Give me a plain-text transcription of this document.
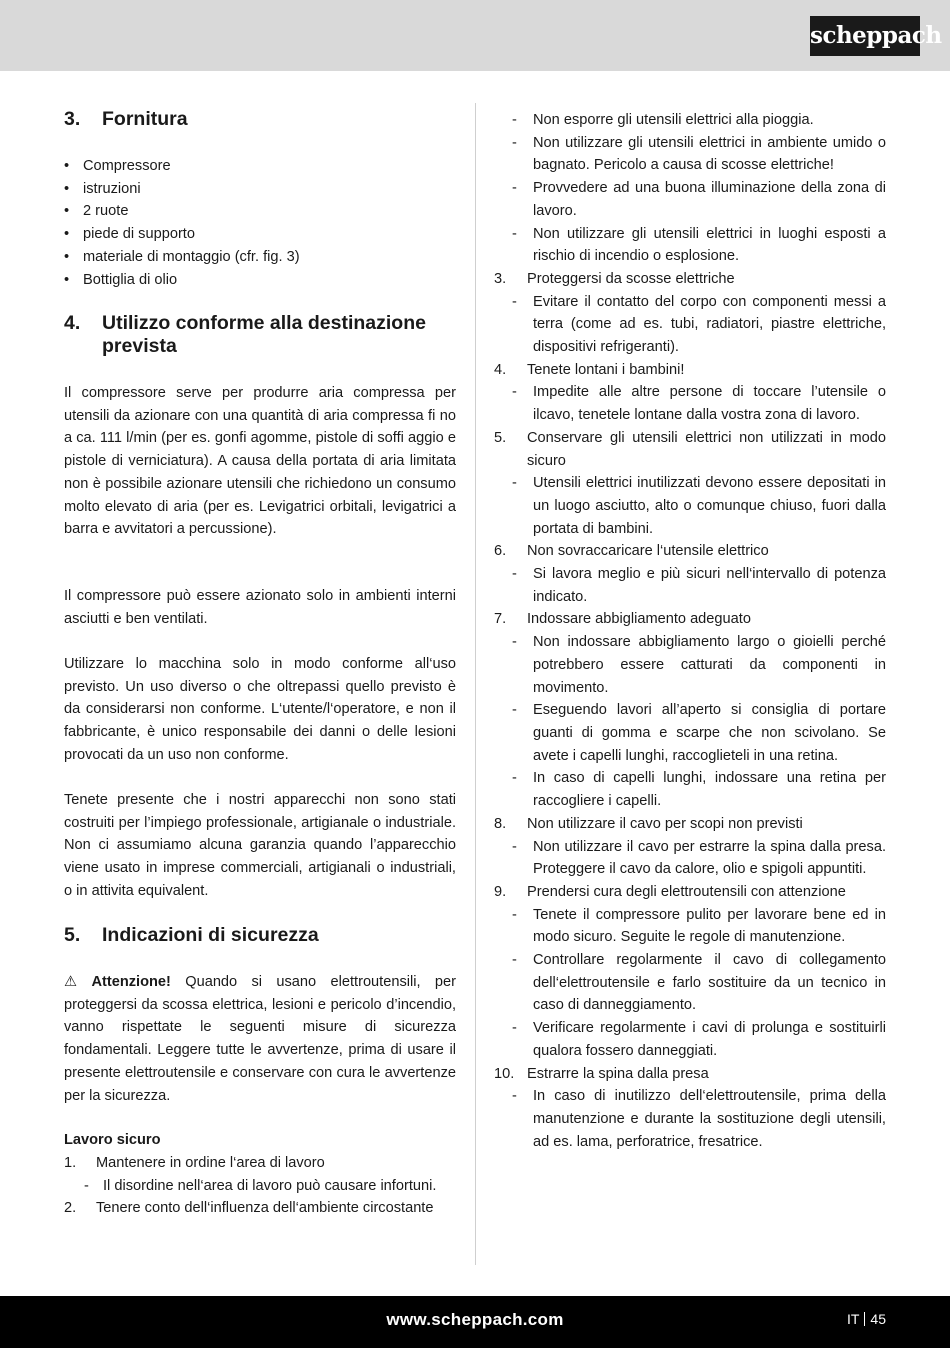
scheppach
3.	Fornitura
• Compressore
• istruzioni
• 2 ruote
• piede di supporto
• materiale di montaggio (cfr. fig. 3)
• Bottiglia di olio
4.	Utilizzo conforme alla destinazione
prevista

Il compressore serve per produrre aria compressa per utensili da azionare con una quantità di aria compressa fi no a ca. 111 l/min (per es. gonfi agomme, pistole di soffi aggio e pistole di verniciatura). A causa della portata di aria limitata non è possibile azionare utensili che richiedono un consumo molto elevato di aria (per es. Levigatrici orbitali, levigatrici a barra e avvitatori a percussione).

Il compressore può essere azionato solo in ambienti interni asciutti e ben ventilati.

Utilizzare lo macchina solo in modo conforme all‘uso previsto. Un uso diverso o che oltrepassi quello previsto è da considerarsi non conforme. L‘utente/l‘operatore, e non il fabbricante, è unico responsabile dei danni o delle lesioni provocati da un uso non conforme.

Tenete presente che i nostri apparecchi non sono stati costruiti per l’impiego professionale, artigianale o industriale. Non ci assumiamo alcuna garanzia quando l’apparecchio viene usato in imprese commerciali, artigianali o industriali, o in attivita equivalent.

5.	Indicazioni di sicurezza

⚠ Attenzione! Quando si usano elettroutensili, per proteggersi da scossa elettrica, lesioni e pericolo d’incendio, vanno rispettate le seguenti misure di sicurezza fondamentali. Leggere tutte le avvertenze, prima di usare il presente elettroutensile e conservare con cura le avvertenze per la sicurezza.

Lavoro sicuro
1.	Mantenere in ordine l‘area di lavoro
- Il disordine nell‘area di lavoro può causare infortuni.
2.	Tenere conto dell‘influenza dell‘ambiente circostante
-	Non esporre gli utensili elettrici alla pioggia.
-	Non utilizzare gli utensili elettrici in ambiente umido o bagnato. Pericolo a causa di scosse elettriche!
-	Provvedere ad una buona illuminazione della zona di lavoro.
-	Non utilizzare gli utensili elettrici in luoghi esposti a rischio di incendio o esplosione.
3.	Proteggersi da scosse elettriche
-	Evitare il contatto del corpo con componenti messi a terra (come ad es. tubi, radiatori, piastre elettriche, dispositivi refrigeranti).
4.	Tenete lontani i bambini!
-	Impedite alle altre persone di toccare l’utensile o ilcavo, tenetele lontane dalla vostra zona di lavoro.
5.	Conservare gli utensili elettrici non utilizzati in modo sicuro
-	Utensili elettrici inutilizzati devono essere depositati in un luogo asciutto, alto o comunque chiuso, fuori dalla portata di bambini.
6.	Non sovraccaricare l‘utensile elettrico
-	Si lavora meglio e più sicuri nell‘intervallo di potenza indicato.
7.	Indossare abbigliamento adeguato
-	Non indossare abbigliamento largo o gioielli perché potrebbero essere catturati da componenti in movimento.
-	Eseguendo lavori all’aperto si consiglia di portare guanti di gomma e scarpe che non scivolano. Se avete i capelli lunghi, raccoglieteli in una retina.
-	In caso di capelli lunghi, indossare una retina per raccogliere i capelli.
8.	Non utilizzare il cavo per scopi non previsti
-	Non utilizzare il cavo per estrarre la spina dalla presa. Proteggere il cavo da calore, olio e spigoli appuntiti.
9.	Prendersi cura degli elettroutensili con attenzione
-	Tenete il compressore pulito per lavorare bene ed in modo sicuro. Seguite le regole di manutenzione.
-	Controllare regolarmente il cavo di collegamento dell‘elettroutensile e farlo sostituire da un tecnico in caso di danneggiamento.
-	Verificare regolarmente i cavi di prolunga e sostituirli qualora fossero danneggiati.
10. Estrarre la spina dalla presa
-	In caso di inutilizzo dell‘elettroutensile, prima della manutenzione e durante la sostituzione degli utensili, ad es. lama, perforatrice, fresatrice.
www.scheppach.com	IT 45
